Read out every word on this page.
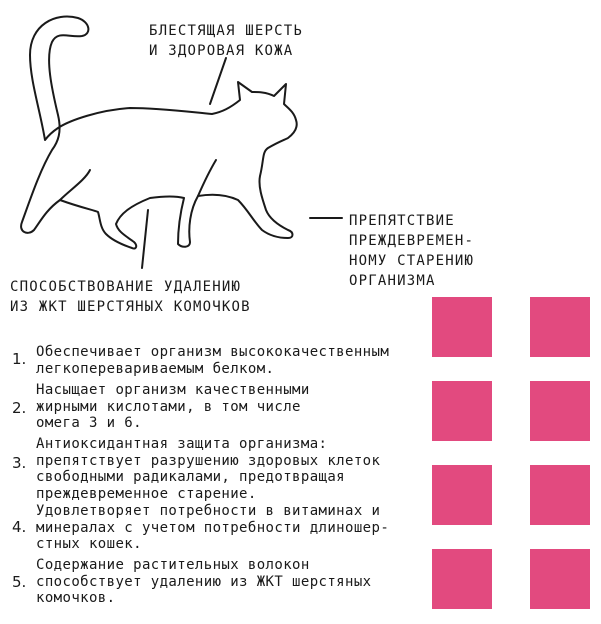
БЛЕСТЯЩАЯ ШЕРСТЬ
И ЗДОРОВАЯ КОЖА
ПРЕПЯТСТВИЕ
ПРЕЖДЕВРЕМЕН-
НОМУ СТАРЕНИЮ
ОРГАНИЗМА
СПОСОБСТВОВАНИЕ УДАЛЕНИЮ
ИЗ ЖКТ ШЕРСТЯНЫХ КОМОЧКОВ
1. Обеспечивает организм высококачественным
легкоперевариваемым белком.
2.
Насыщает организм качественными
жирными кислотами, в том числе
омега 3 и 6.
3.
Антиоксидантная защита организма:
препятствует разрушению здоровых клеток
свободными радикалами, предотвращая
преждевременное старение.
4.
Удовлетворяет потребности в витаминах и
минералах с учетом потребности длиношер-
стных кошек.
5.
Содержание растительных волокон
способствует удалению из ЖКТ шерстяных
комочков.
